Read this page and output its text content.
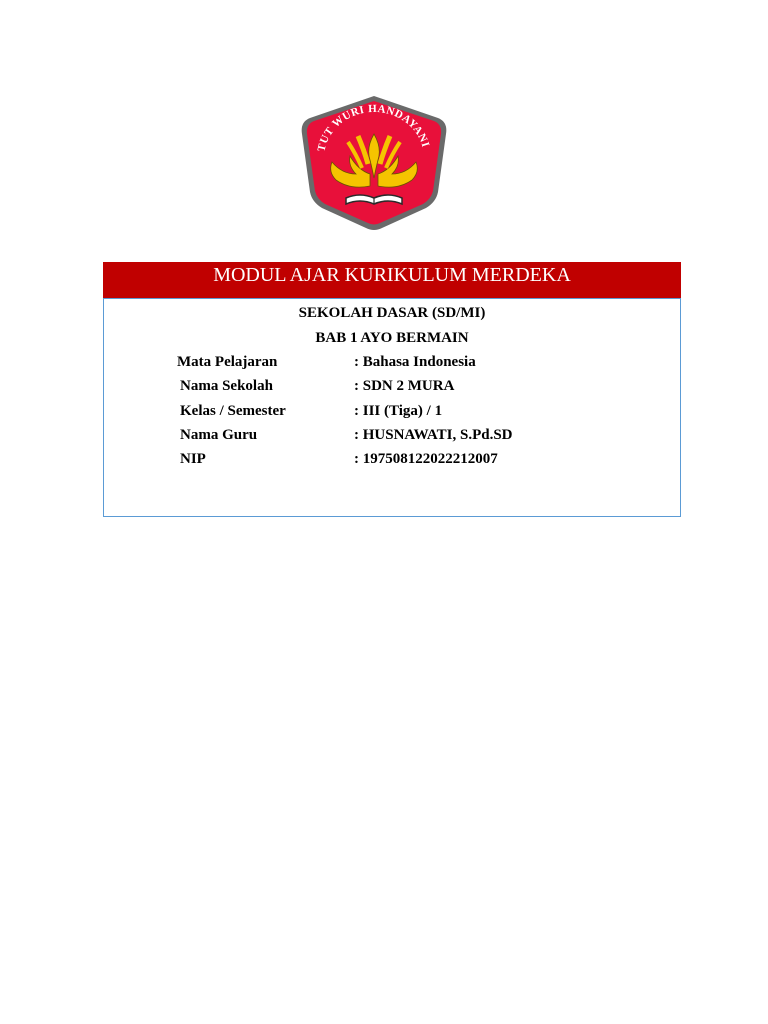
TUT WURI HANDAYANI
MODUL AJAR KURIKULUM MERDEKA
SEKOLAH DASAR (SD/MI)
BAB 1 AYO BERMAIN
Mata Pelajaran	: Bahasa Indonesia
Nama Sekolah	: SDN 2 MURA
Kelas / Semester	: III (Tiga) / 1
Nama Guru	: HUSNAWATI, S.Pd.SD
NIP	: 197508122022212007
